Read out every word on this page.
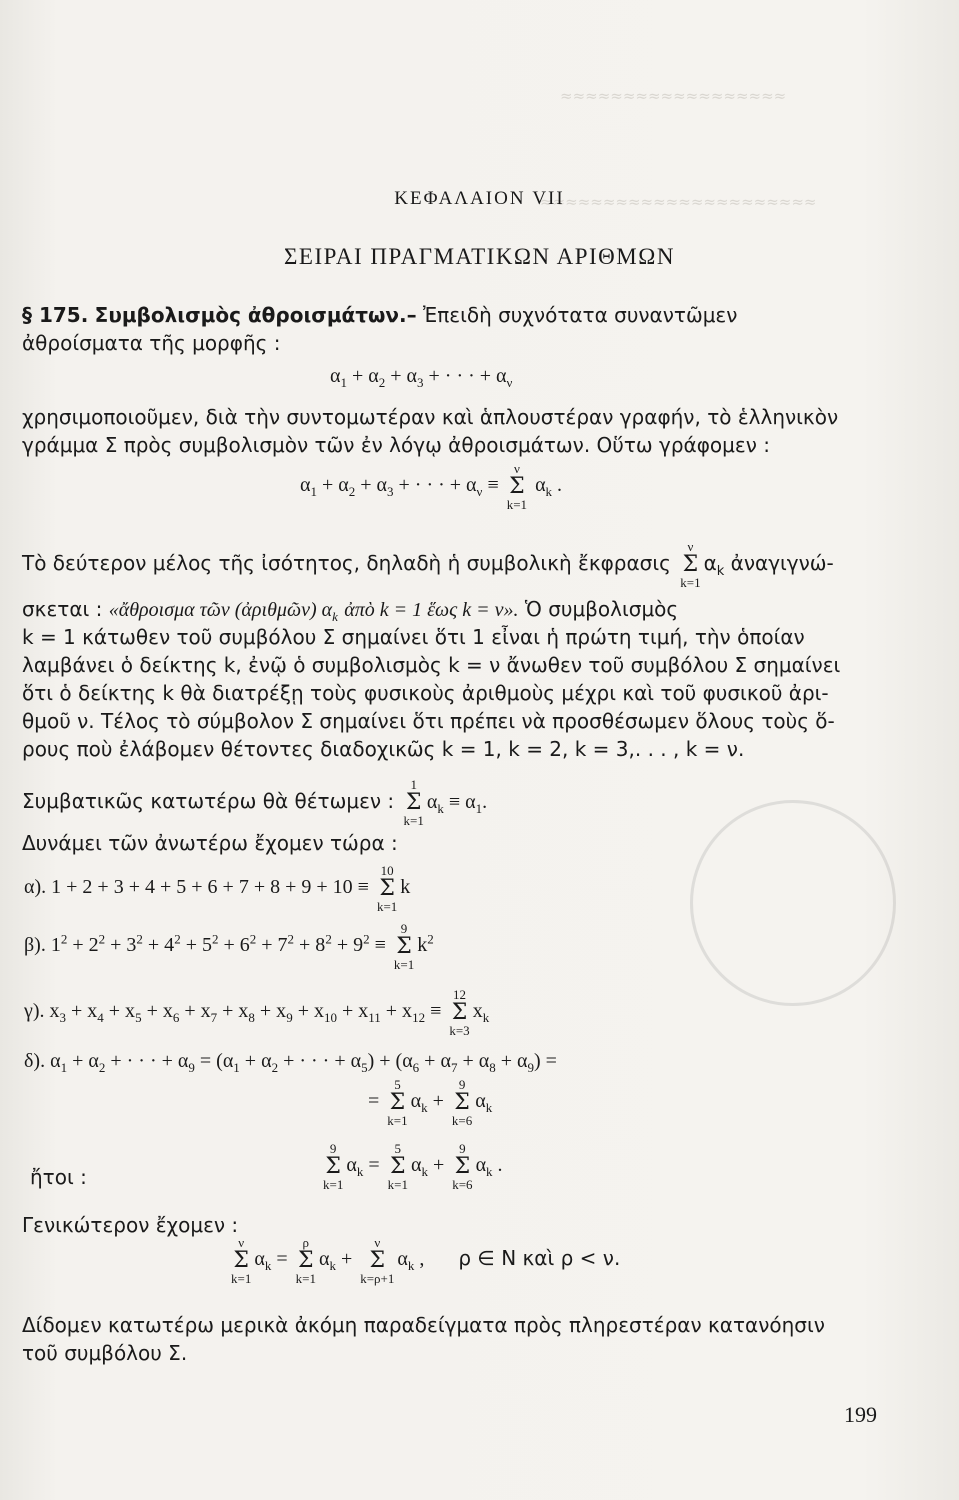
≈≈≈≈≈≈≈≈≈≈≈≈≈≈≈≈≈≈
≈≈≈≈≈≈≈≈≈≈≈≈≈≈≈≈≈≈≈≈≈≈
ΚΕΦΑΛΑΙΟΝ VII
ΣΕΙΡΑΙ ΠΡΑΓΜΑΤΙΚΩΝ ΑΡΙΘΜΩΝ
§ 175. Συμβολισμὸς ἀθροισμάτων.– Ἐπειδὴ συχνότατα συναντῶμεν
ἀθροίσματα τῆς μορφῆς :
$\alpha_1 + \alpha_2 + \alpha_3$ + · · · + $\alpha_\nu$
χρησιμοποιοῦμεν, διὰ τὴν συντομωτέραν καὶ ἁπλουστέραν γραφήν, τὸ ἑλληνικὸν
γράμμα Σ πρὸς συμβολισμὸν τῶν ἐν λόγῳ ἀθροισμάτων. Οὕτω γράφομεν :
$\alpha_1 + \alpha_2 + \alpha_3$ + · · · + $\alpha_\nu$ ≡
ν
Σ
k=1
$\alpha_k$ .
Τὸ δεύτερον μέλος τῆς ἰσότητος, δηλαδὴ ἡ συμβολικὴ ἔκφρασις
ν
Σ
k=1
$\alpha_k$ ἀναγιγνώ-
σκεται : «ἄθροισμα τῶν (ἀριθμῶν) $\alpha_k$ ἀπὸ k = 1 ἕως k = ν». Ὁ συμβολισμὸς
k = 1 κάτωθεν τοῦ συμβόλου Σ σημαίνει ὅτι 1 εἶναι ἡ πρώτη τιμή, τὴν ὁποίαν
λαμβάνει ὁ δείκτης k, ἐνῷ ὁ συμβολισμὸς k = ν ἄνωθεν τοῦ συμβόλου Σ σημαίνει
ὅτι ὁ δείκτης k θὰ διατρέξῃ τοὺς φυσικοὺς ἀριθμοὺς μέχρι καὶ τοῦ φυσικοῦ ἀρι-
θμοῦ ν. Τέλος τὸ σύμβολον Σ σημαίνει ὅτι πρέπει νὰ προσθέσωμεν ὅλους τοὺς ὅ-
ρους ποὺ ἐλάβομεν θέτοντες διαδοχικῶς k = 1, k = 2, k = 3,. . . , k = ν.
Συμβατικῶς κατωτέρω θὰ θέτωμεν :
1
Σ
k=1
$\alpha_k \equiv \alpha_1$.
Δυνάμει τῶν ἀνωτέρω ἔχομεν τώρα :
α). 1 + 2 + 3 + 4 + 5 + 6 + 7 + 8 + 9 + 10 ≡
10
Σ
k=1
k
β). $1^2 + 2^2 + 3^2 + 4^2 + 5^2 + 6^2 + 7^2 + 8^2 + 9^2$ ≡
9
Σ
k=1
$k^2$
γ). $x_3 + x_4 + x_5 + x_6 + x_7 + x_8 + x_9 + x_{10} + x_{11} + x_{12}$ ≡
12
Σ
k=3
$x_k$
δ). $\alpha_1 + \alpha_2$ + · · · + $\alpha_9 = (\alpha_1 + \alpha_2$ + · · · + $\alpha_5) + (\alpha_6 + \alpha_7 + \alpha_8 + \alpha_9)$ =
=
5
Σ
k=1
$\alpha_k$ +
9
Σ
k=6
$\alpha_k$
ἤτοι :
9
Σ
k=1
$\alpha_k$ =
5
Σ
k=1
$\alpha_k$ +
9
Σ
k=6
$\alpha_k$ .
Γενικώτερον ἔχομεν :
ν
Σ
k=1
$\alpha_k$ =
ρ
Σ
k=1
$\alpha_k$ +
ν
Σ
k=ρ+1
$\alpha_k$ ,  ρ ∈ N καὶ ρ < ν.
Δίδομεν κατωτέρω μερικὰ ἀκόμη παραδείγματα πρὸς πληρεστέραν κατανόησιν
τοῦ συμβόλου Σ.
199
